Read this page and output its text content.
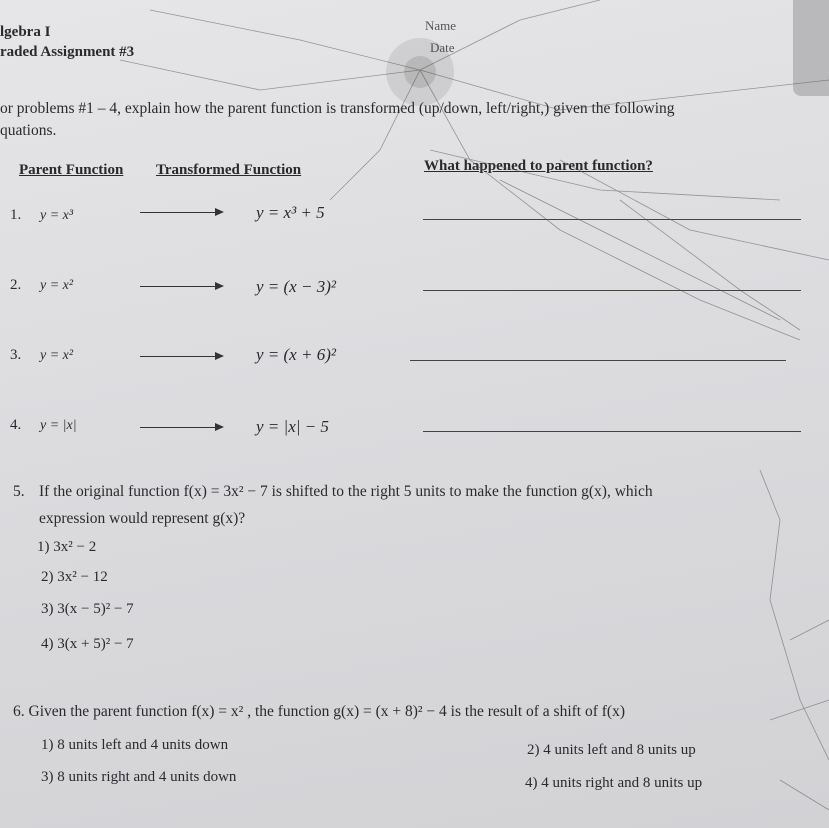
lgebra I
raded Assignment #3
Name
Date
or problems #1 – 4, explain how the parent function is transformed (up/down, left/right,) given the following
quations.
Parent Function Transformed Function	What happened to parent function?
1. y = x³	y = x³ + 5
2. y = x²	y = (x − 3)²
3. y = x²	y = (x + 6)²
4. y = |x|	y = |x| − 5
5. If the original function f(x) = 3x² − 7 is shifted to the right 5 units to make the function g(x), which
expression would represent g(x)?
1) 3x² − 2
2) 3x² − 12
3) 3(x − 5)² − 7
4) 3(x + 5)² − 7
6. Given the parent function f(x) = x² , the function g(x) = (x + 8)² − 4 is the result of a shift of f(x)
1) 8 units left and 4 units down	2) 4 units left and 8 units up
3) 8 units right and 4 units down	4) 4 units right and 8 units up
